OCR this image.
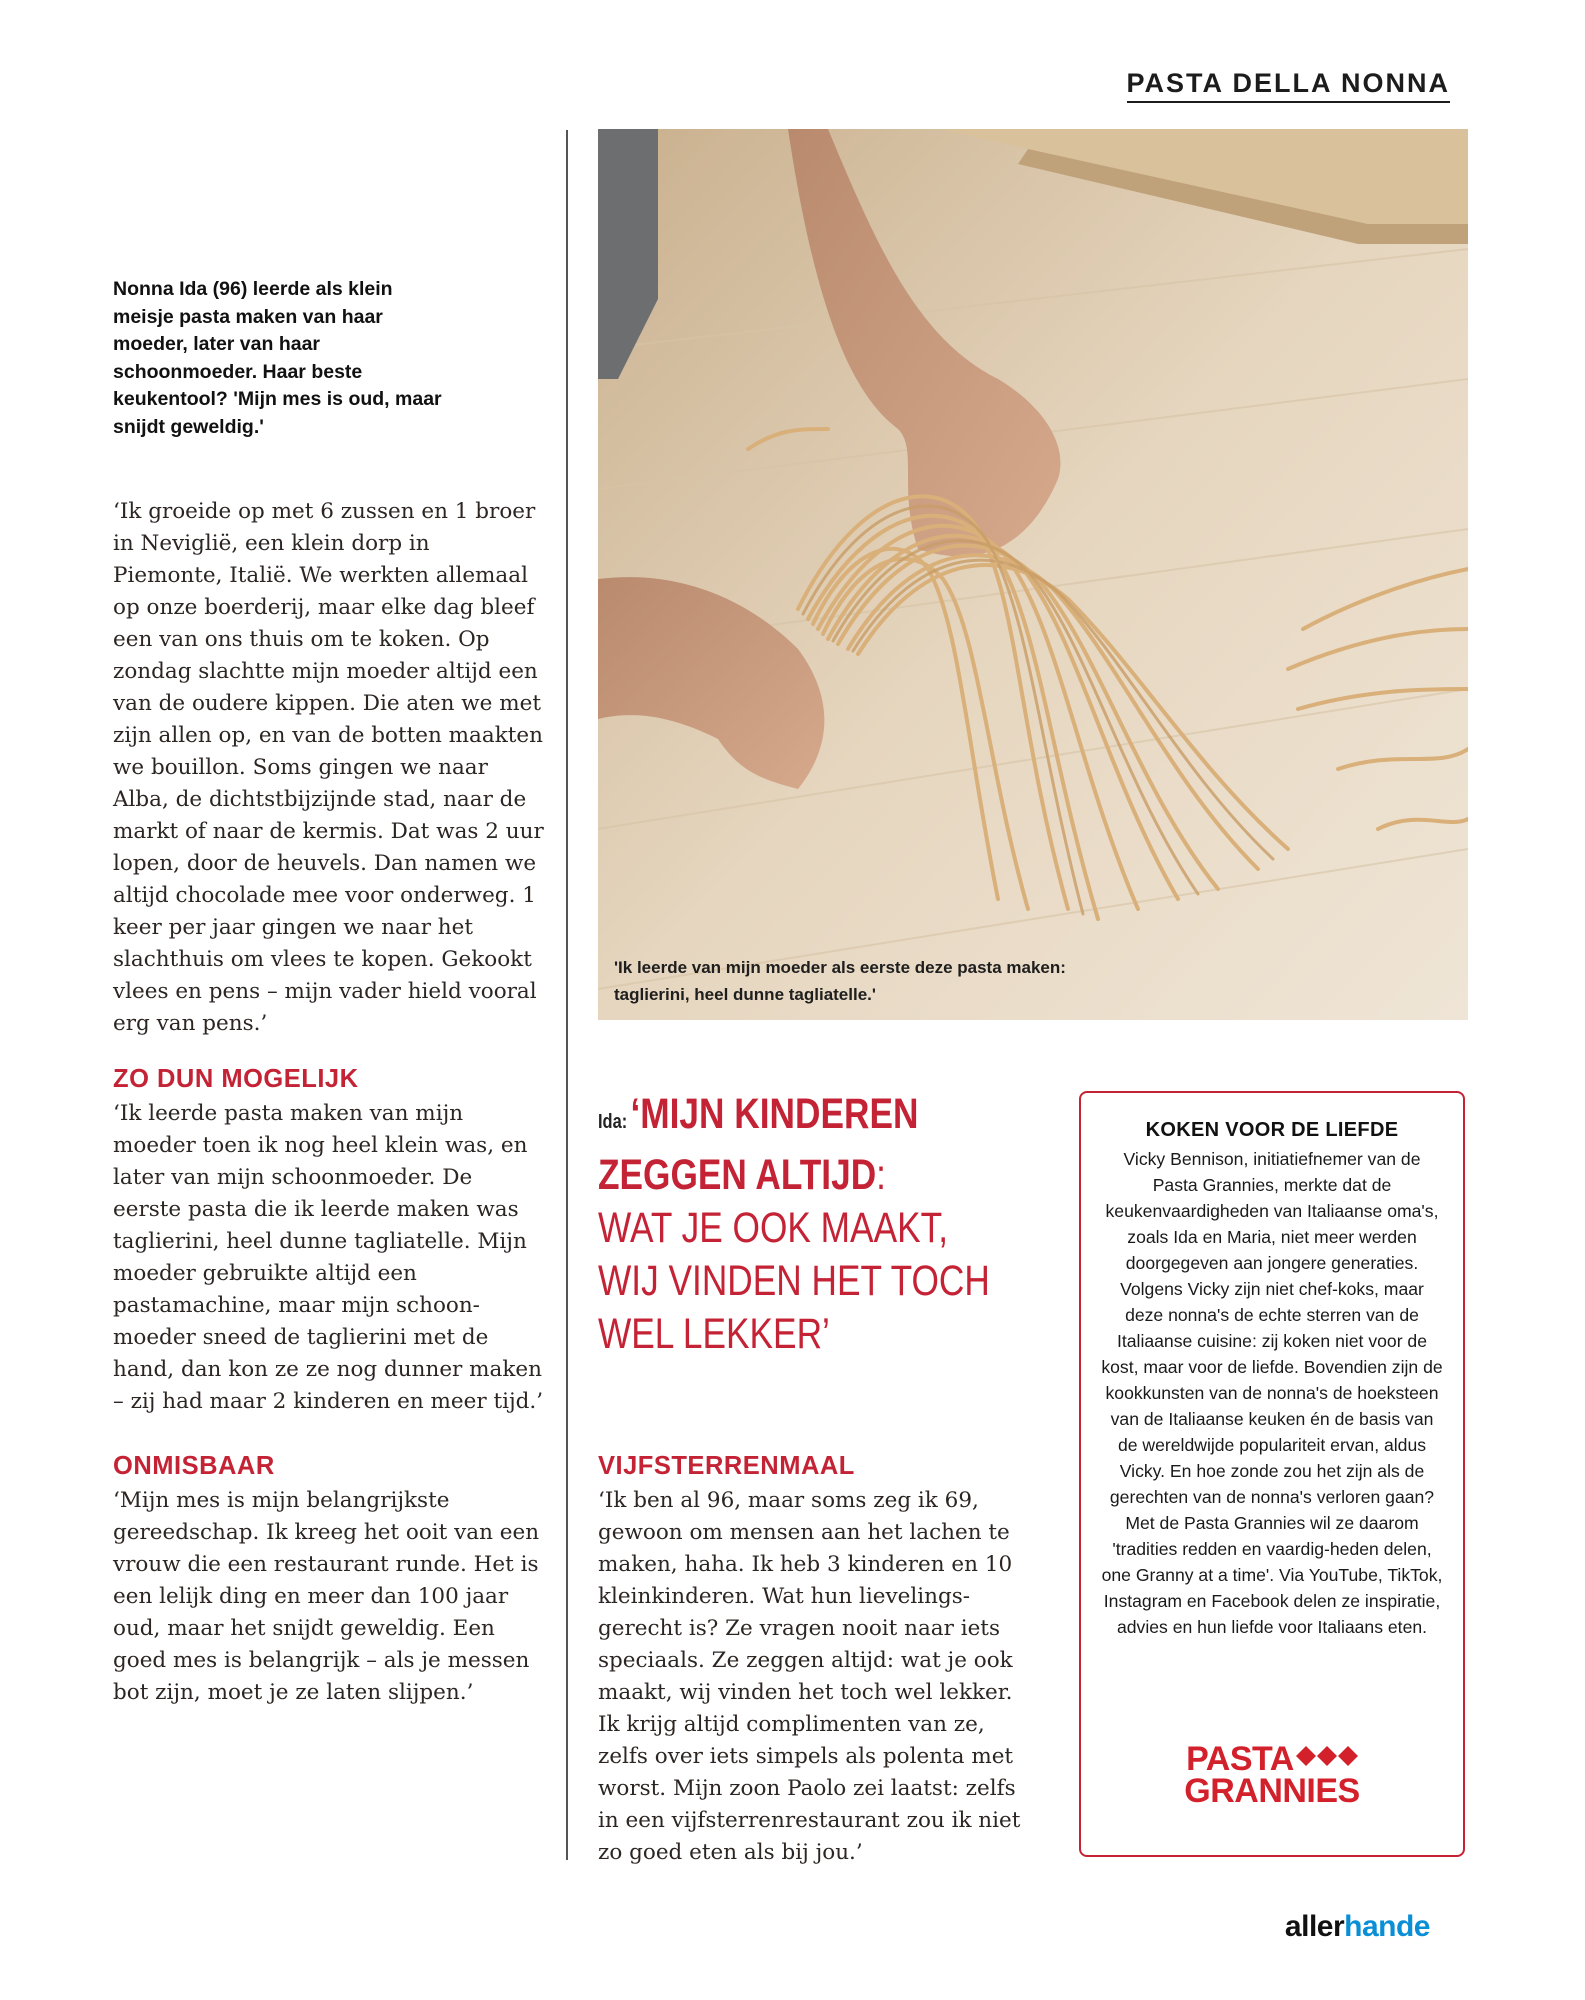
PASTA DELLA NONNA
'Ik leerde van mijn moeder als eerste deze pasta maken: taglierini, heel dunne tagliatelle.'
Nonna Ida (96) leerde als klein meisje pasta maken van haar moeder, later van haar schoonmoeder. Haar beste keukentool? 'Mijn mes is oud, maar snijdt geweldig.'

‘Ik groeide op met 6 zussen en 1 broer in Neviglië, een klein dorp in Piemonte, Italië. We werkten allemaal op onze boerderij, maar elke dag bleef een van ons thuis om te koken. Op zondag slachtte mijn moeder altijd een van de oudere kippen. Die aten we met zijn allen op, en van de botten maakten we bouillon. Soms gingen we naar Alba, de dichtstbijzijnde stad, naar de markt of naar de kermis. Dat was 2 uur lopen, door de heuvels. Dan namen we altijd chocolade mee voor onderweg. 1 keer per jaar gingen we naar het slachthuis om vlees te kopen. Gekookt vlees en pens – mijn vader hield vooral erg van pens.’

ZO DUN MOGELIJK

‘Ik leerde pasta maken van mijn moeder toen ik nog heel klein was, en later van mijn schoonmoeder. De eerste pasta die ik leerde maken was taglierini, heel dunne tagliatelle. Mijn moeder gebruikte altijd een pastamachine, maar mijn schoon-moeder sneed de taglierini met de hand, dan kon ze ze nog dunner maken – zij had maar 2 kinderen en meer tijd.’

ONMISBAAR

‘Mijn mes is mijn belangrijkste gereedschap. Ik kreeg het ooit van een vrouw die een restaurant runde. Het is een lelijk ding en meer dan 100 jaar oud, maar het snijdt geweldig. Een goed mes is belangrijk – als je messen bot zijn, moet je ze laten slijpen.’

Ida:‘MIJN KINDEREN
ZEGGEN ALTIJD:
WAT JE OOK MAAKT,
WIJ VINDEN HET TOCH
WEL LEKKER’
VIJFSTERRENMAAL

‘Ik ben al 96, maar soms zeg ik 69, gewoon om mensen aan het lachen te maken, haha. Ik heb 3 kinderen en 10 kleinkinderen. Wat hun lievelings-gerecht is? Ze vragen nooit naar iets speciaals. Ze zeggen altijd: wat je ook maakt, wij vinden het toch wel lekker. Ik krijg altijd complimenten van ze, zelfs over iets simpels als polenta met worst. Mijn zoon Paolo zei laatst: zelfs in een vijfsterrenrestaurant zou ik niet zo goed eten als bij jou.’

KOKEN VOOR DE LIEFDE
Vicky Bennison, initiatiefnemer van de Pasta Grannies, merkte dat de keukenvaardigheden van Italiaanse oma's, zoals Ida en Maria, niet meer werden doorgegeven aan jongere generaties. Volgens Vicky zijn niet chef-koks, maar deze nonna's de echte sterren van de Italiaanse cuisine: zij koken niet voor de kost, maar voor de liefde. Bovendien zijn de kookkunsten van de nonna's de hoeksteen van de Italiaanse keuken én de basis van de wereldwijde populariteit ervan, aldus Vicky. En hoe zonde zou het zijn als de gerechten van de nonna's verloren gaan? Met de Pasta Grannies wil ze daarom 'tradities redden en vaardig-heden delen, one Granny at a time'. Via YouTube, TikTok, Instagram en Facebook delen ze inspiratie, advies en hun liefde voor Italiaans eten.
PASTA
GRANNIES
allerhande
